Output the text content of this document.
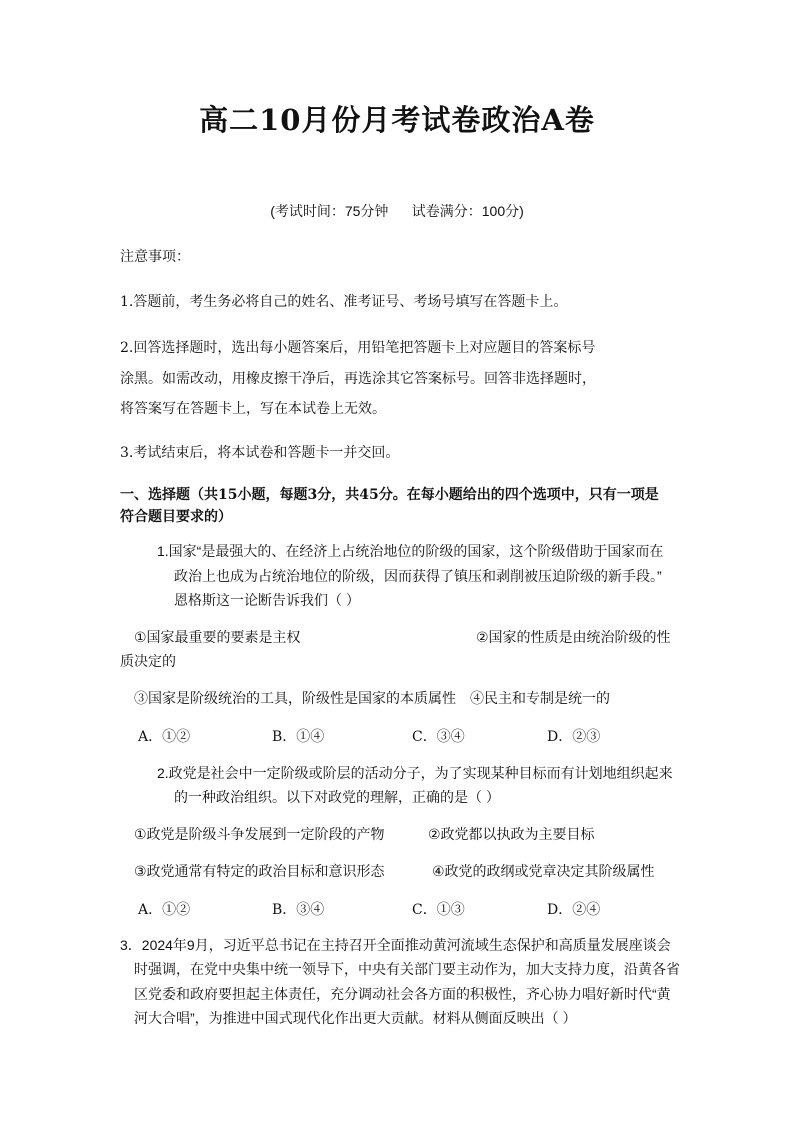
高二10月份月考试卷政治A卷
(考试时间：75分钟      试卷满分：100分)
注意事项：
1.答题前，考生务必将自己的姓名、准考证号、考场号填写在答题卡上。
2.回答选择题时，选出每小题答案后，用铅笔把答题卡上对应题目的答案标号
涂黑。如需改动，用橡皮擦干净后，再选涂其它答案标号。回答非选择题时，
将答案写在答题卡上，写在本试卷上无效。
3.考试结束后，将本试卷和答题卡一并交回。
一、选择题（共15小题，每题3分，共45分。在每小题给出的四个选项中，只有一项是
符合题目要求的）
1.国家“是最强大的、在经济上占统治地位的阶级的国家，这个阶级借助于国家而在
政治上也成为占统治地位的阶级，因而获得了镇压和剥削被压迫阶级的新手段。”
恩格斯这一论断告诉我们（ ）
①国家最重要的要素是主权	②国家的性质是由统治阶级的性
质决定的
③国家是阶级统治的工具，阶级性是国家的本质属性 ④民主和专制是统一的
A．①②	B．①④	C．③④	D．②③
2.政党是社会中一定阶级或阶层的活动分子，为了实现某种目标而有计划地组织起来
的一种政治组织。以下对政党的理解，正确的是（ ）
①政党是阶级斗争发展到一定阶段的产物	②政党都以执政为主要目标
③政党通常有特定的政治目标和意识形态	④政党的政纲或党章决定其阶级属性
A．①②	B．③④	C．①③	D．②④
3．2024年9月，习近平总书记在主持召开全面推动黄河流域生态保护和高质量发展座谈会
时强调，在党中央集中统一领导下，中央有关部门要主动作为，加大支持力度，沿黄各省
区党委和政府要担起主体责任，充分调动社会各方面的积极性，齐心协力唱好新时代“黄
河大合唱”，为推进中国式现代化作出更大贡献。材料从侧面反映出（ ）
